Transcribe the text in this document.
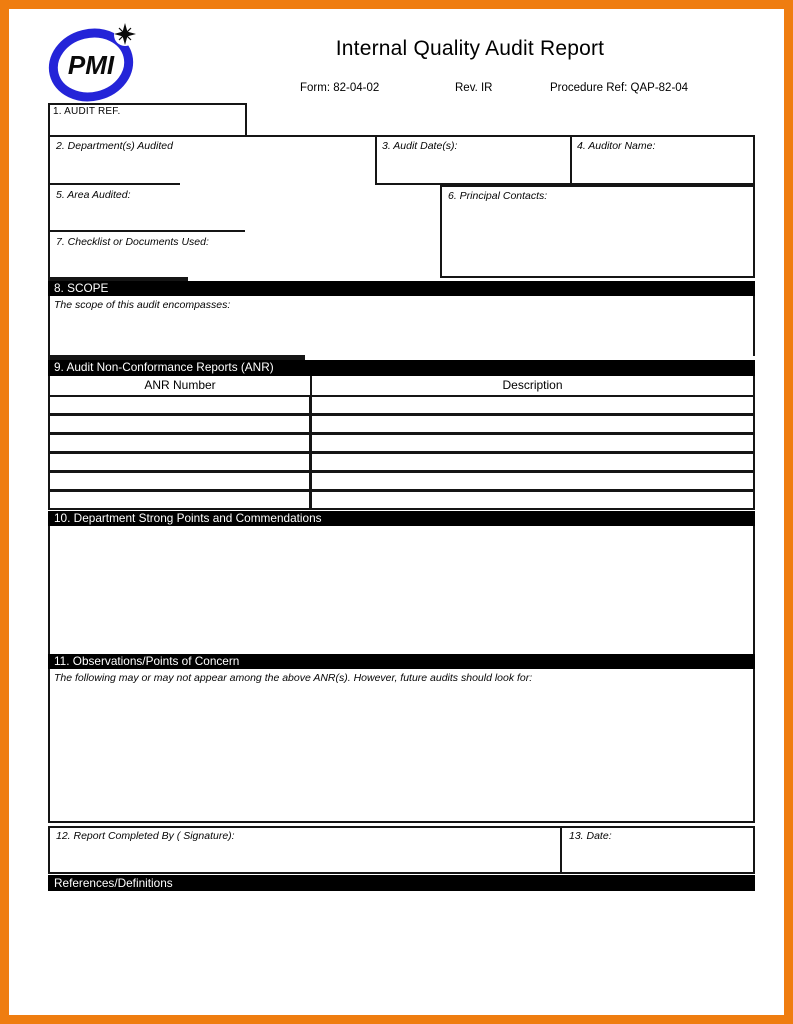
PMI
Internal Quality Audit Report
Form: 82-04-02	Rev. IR	Procedure Ref: QAP-82-04
1. AUDIT REF.
2. Department(s) Audited	3. Audit Date(s):	4. Auditor Name:
5. Area Audited:	6. Principal Contacts:
7. Checklist or Documents Used:
8. SCOPE
The scope of this audit encompasses:
9. Audit Non-Conformance Reports (ANR)
ANR Number	Description
10. Department Strong Points and Commendations
11. Observations/Points of Concern
The following may or may not appear among the above ANR(s). However, future audits should look for:
12. Report Completed By ( Signature):	13. Date:
References/Definitions
